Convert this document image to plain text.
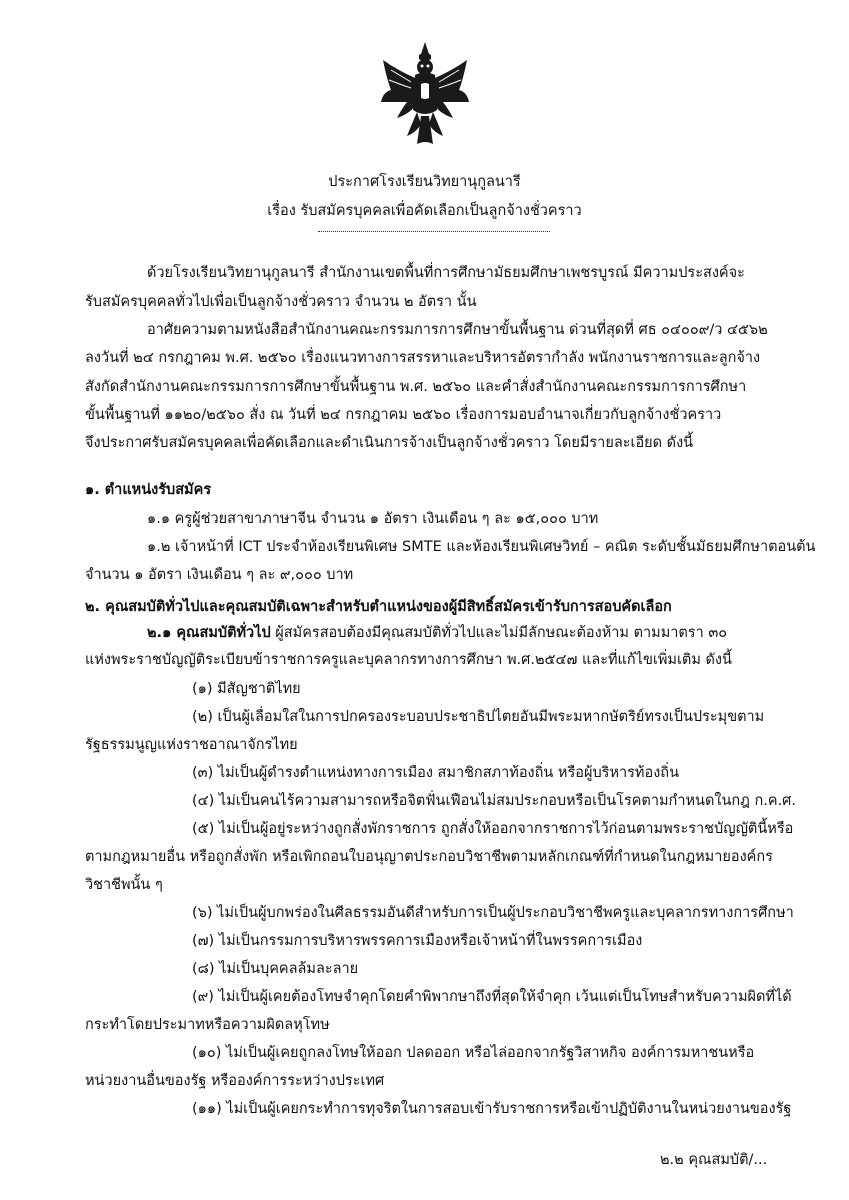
ประกาศโรงเรียนวิทยานุกูลนารี
เรื่อง รับสมัครบุคคลเพื่อคัดเลือกเป็นลูกจ้างชั่วคราว
ด้วยโรงเรียนวิทยานุกูลนารี สำนักงานเขตพื้นที่การศึกษามัธยมศึกษาเพชรบูรณ์ มีความประสงค์จะ
รับสมัครบุคคลทั่วไปเพื่อเป็นลูกจ้างชั่วคราว จำนวน ๒ อัตรา นั้น
อาศัยความตามหนังสือสำนักงานคณะกรรมการการศึกษาขั้นพื้นฐาน ด่วนที่สุดที่ ศธ ๐๔๐๐๙/ว ๔๕๖๒
ลงวันที่ ๒๔ กรกฎาคม พ.ศ. ๒๕๖๐ เรื่องแนวทางการสรรหาและบริหารอัตรากำลัง พนักงานราชการและลูกจ้าง
สังกัดสำนักงานคณะกรรมการการศึกษาขั้นพื้นฐาน พ.ศ. ๒๕๖๐ และคำสั่งสำนักงานคณะกรรมการการศึกษา
ขั้นพื้นฐานที่ ๑๑๒๐/๒๕๖๐ สั่ง ณ วันที่ ๒๔ กรกฎาคม ๒๕๖๐ เรื่องการมอบอำนาจเกี่ยวกับลูกจ้างชั่วคราว
จึงประกาศรับสมัครบุคคลเพื่อคัดเลือกและดำเนินการจ้างเป็นลูกจ้างชั่วคราว โดยมีรายละเอียด ดังนี้
๑. ตำแหน่งรับสมัคร
๑.๑ ครูผู้ช่วยสาขาภาษาจีน จำนวน ๑ อัตรา เงินเดือน ๆ ละ ๑๕,๐๐๐ บาท
๑.๒ เจ้าหน้าที่ ICT ประจำห้องเรียนพิเศษ SMTE และห้องเรียนพิเศษวิทย์ – คณิต ระดับชั้นมัธยมศึกษาตอนต้น
จำนวน ๑ อัตรา เงินเดือน ๆ ละ ๙,๐๐๐ บาท
๒. คุณสมบัติทั่วไปและคุณสมบัติเฉพาะสำหรับตำแหน่งของผู้มีสิทธิ์สมัครเข้ารับการสอบคัดเลือก
๒.๑ คุณสมบัติทั่วไป ผู้สมัครสอบต้องมีคุณสมบัติทั่วไปและไม่มีลักษณะต้องห้าม ตามมาตรา ๓๐
แห่งพระราชบัญญัติระเบียบข้าราชการครูและบุคลากรทางการศึกษา พ.ศ.๒๕๔๗ และที่แก้ไขเพิ่มเติม ดังนี้
(๑) มีสัญชาติไทย
(๒) เป็นผู้เลื่อมใสในการปกครองระบอบประชาธิปไตยอันมีพระมหากษัตริย์ทรงเป็นประมุขตาม
รัฐธรรมนูญแห่งราชอาณาจักรไทย
(๓) ไม่เป็นผู้ดำรงตำแหน่งทางการเมือง สมาชิกสภาท้องถิ่น หรือผู้บริหารท้องถิ่น
(๔) ไม่เป็นคนไร้ความสามารถหรือจิตฟั่นเฟือนไม่สมประกอบหรือเป็นโรคตามกำหนดในกฎ ก.ค.ศ.
(๕) ไม่เป็นผู้อยู่ระหว่างถูกสั่งพักราชการ ถูกสั่งให้ออกจากราชการไว้ก่อนตามพระราชบัญญัตินี้หรือ
ตามกฎหมายอื่น หรือถูกสั่งพัก หรือเพิกถอนใบอนุญาตประกอบวิชาชีพตามหลักเกณฑ์ที่กำหนดในกฎหมายองค์กร
วิชาชีพนั้น ๆ
(๖) ไม่เป็นผู้บกพร่องในศีลธรรมอันดีสำหรับการเป็นผู้ประกอบวิชาชีพครูและบุคลากรทางการศึกษา
(๗) ไม่เป็นกรรมการบริหารพรรคการเมืองหรือเจ้าหน้าที่ในพรรคการเมือง
(๘) ไม่เป็นบุคคลล้มละลาย
(๙) ไม่เป็นผู้เคยต้องโทษจำคุกโดยคำพิพากษาถึงที่สุดให้จำคุก เว้นแต่เป็นโทษสำหรับความผิดที่ได้
กระทำโดยประมาทหรือความผิดลหุโทษ
(๑๐) ไม่เป็นผู้เคยถูกลงโทษให้ออก ปลดออก หรือไล่ออกจากรัฐวิสาหกิจ องค์การมหาชนหรือ
หน่วยงานอื่นของรัฐ หรือองค์การระหว่างประเทศ
(๑๑) ไม่เป็นผู้เคยกระทำการทุจริตในการสอบเข้ารับราชการหรือเข้าปฏิบัติงานในหน่วยงานของรัฐ
๒.๒ คุณสมบัติ/...
